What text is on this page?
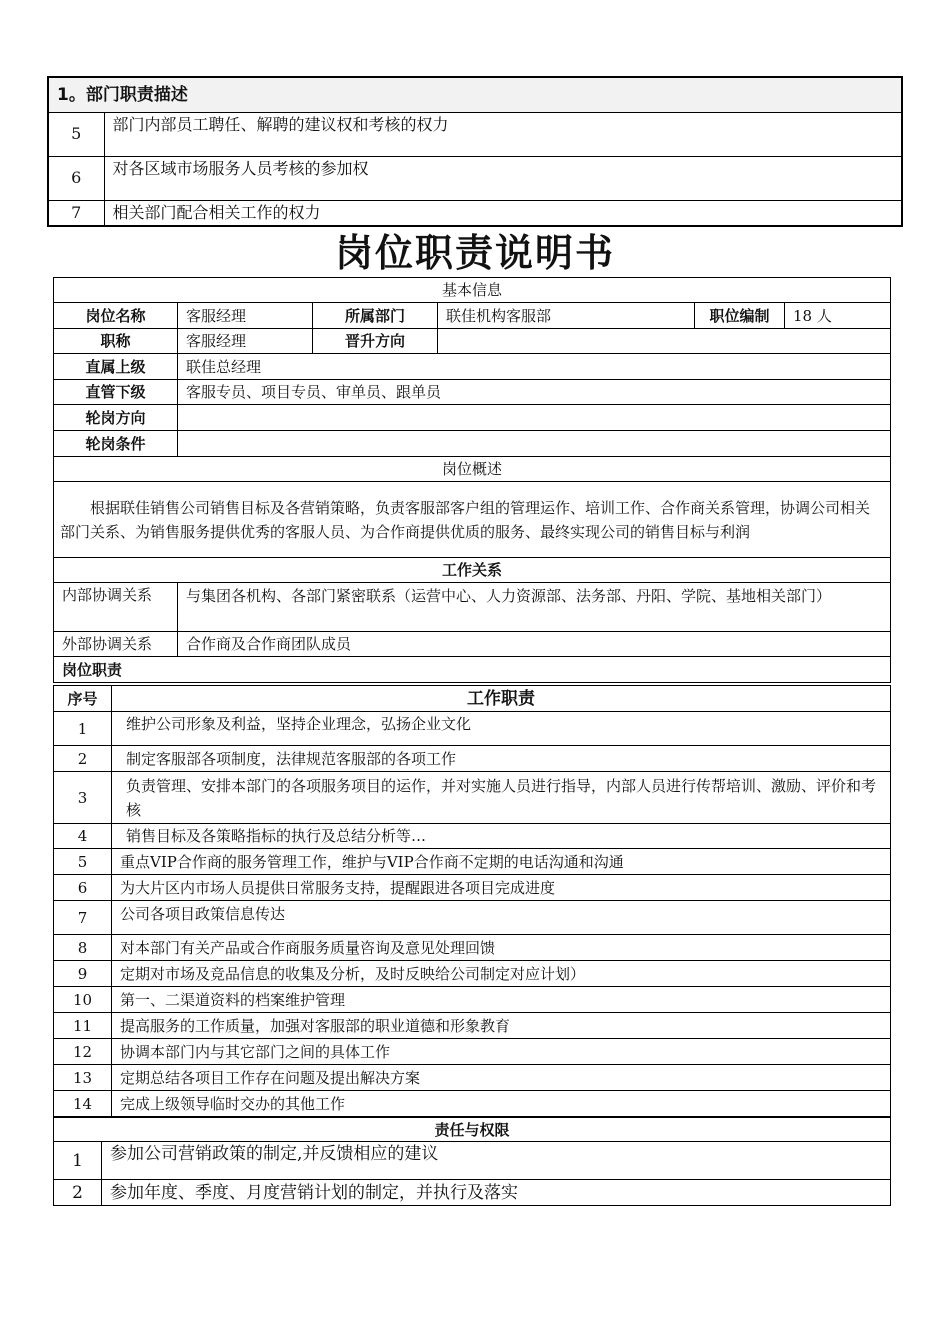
1。部门职责描述	
5	部门内部员工聘任、解聘的建议权和考核的权力
6	对各区域市场服务人员考核的参加权
7	相关部门配合相关工作的权力
岗位职责说明书
基本信息					
岗位名称	客服经理	所属部门	联佳机构客服部	职位编制	18 人
职称	客服经理	晋升方向			
直属上级	联佳总经理				
直管下级	客服专员、项目专员、审单员、跟单员				
轮岗方向					
轮岗条件					
岗位概述					
根据联佳销售公司销售目标及各营销策略，负责客服部客户组的管理运作、培训工作、合作商关系管理，协调公司相关部门关系、为销售服务提供优秀的客服人员、为合作商提供优质的服务、最终实现公司的销售目标与利润					
工作关系					
内部协调关系	与集团各机构、各部门紧密联系（运营中心、人力资源部、法务部、丹阳、学院、基地相关部门）				
外部协调关系	合作商及合作商团队成员				
岗位职责					
序号	工作职责
1	维护公司形象及利益，坚持企业理念，弘扬企业文化
2	制定客服部各项制度，法律规范客服部的各项工作
3	负责管理、安排本部门的各项服务项目的运作，并对实施人员进行指导，内部人员进行传帮培训、激励、评价和考核
4	销售目标及各策略指标的执行及总结分析等…
5	重点VIP合作商的服务管理工作，维护与VIP合作商不定期的电话沟通和沟通
6	为大片区内市场人员提供日常服务支持，提醒跟进各项目完成进度
7	公司各项目政策信息传达
8	对本部门有关产品或合作商服务质量咨询及意见处理回馈
9	定期对市场及竞品信息的收集及分析，及时反映给公司制定对应计划）
10	第一、二渠道资料的档案维护管理
11	提高服务的工作质量，加强对客服部的职业道德和形象教育
12	协调本部门内与其它部门之间的具体工作
13	定期总结各项目工作存在问题及提出解决方案
14	完成上级领导临时交办的其他工作
责任与权限	
1	参加公司营销政策的制定,并反馈相应的建议
2	参加年度、季度、月度营销计划的制定，并执行及落实
